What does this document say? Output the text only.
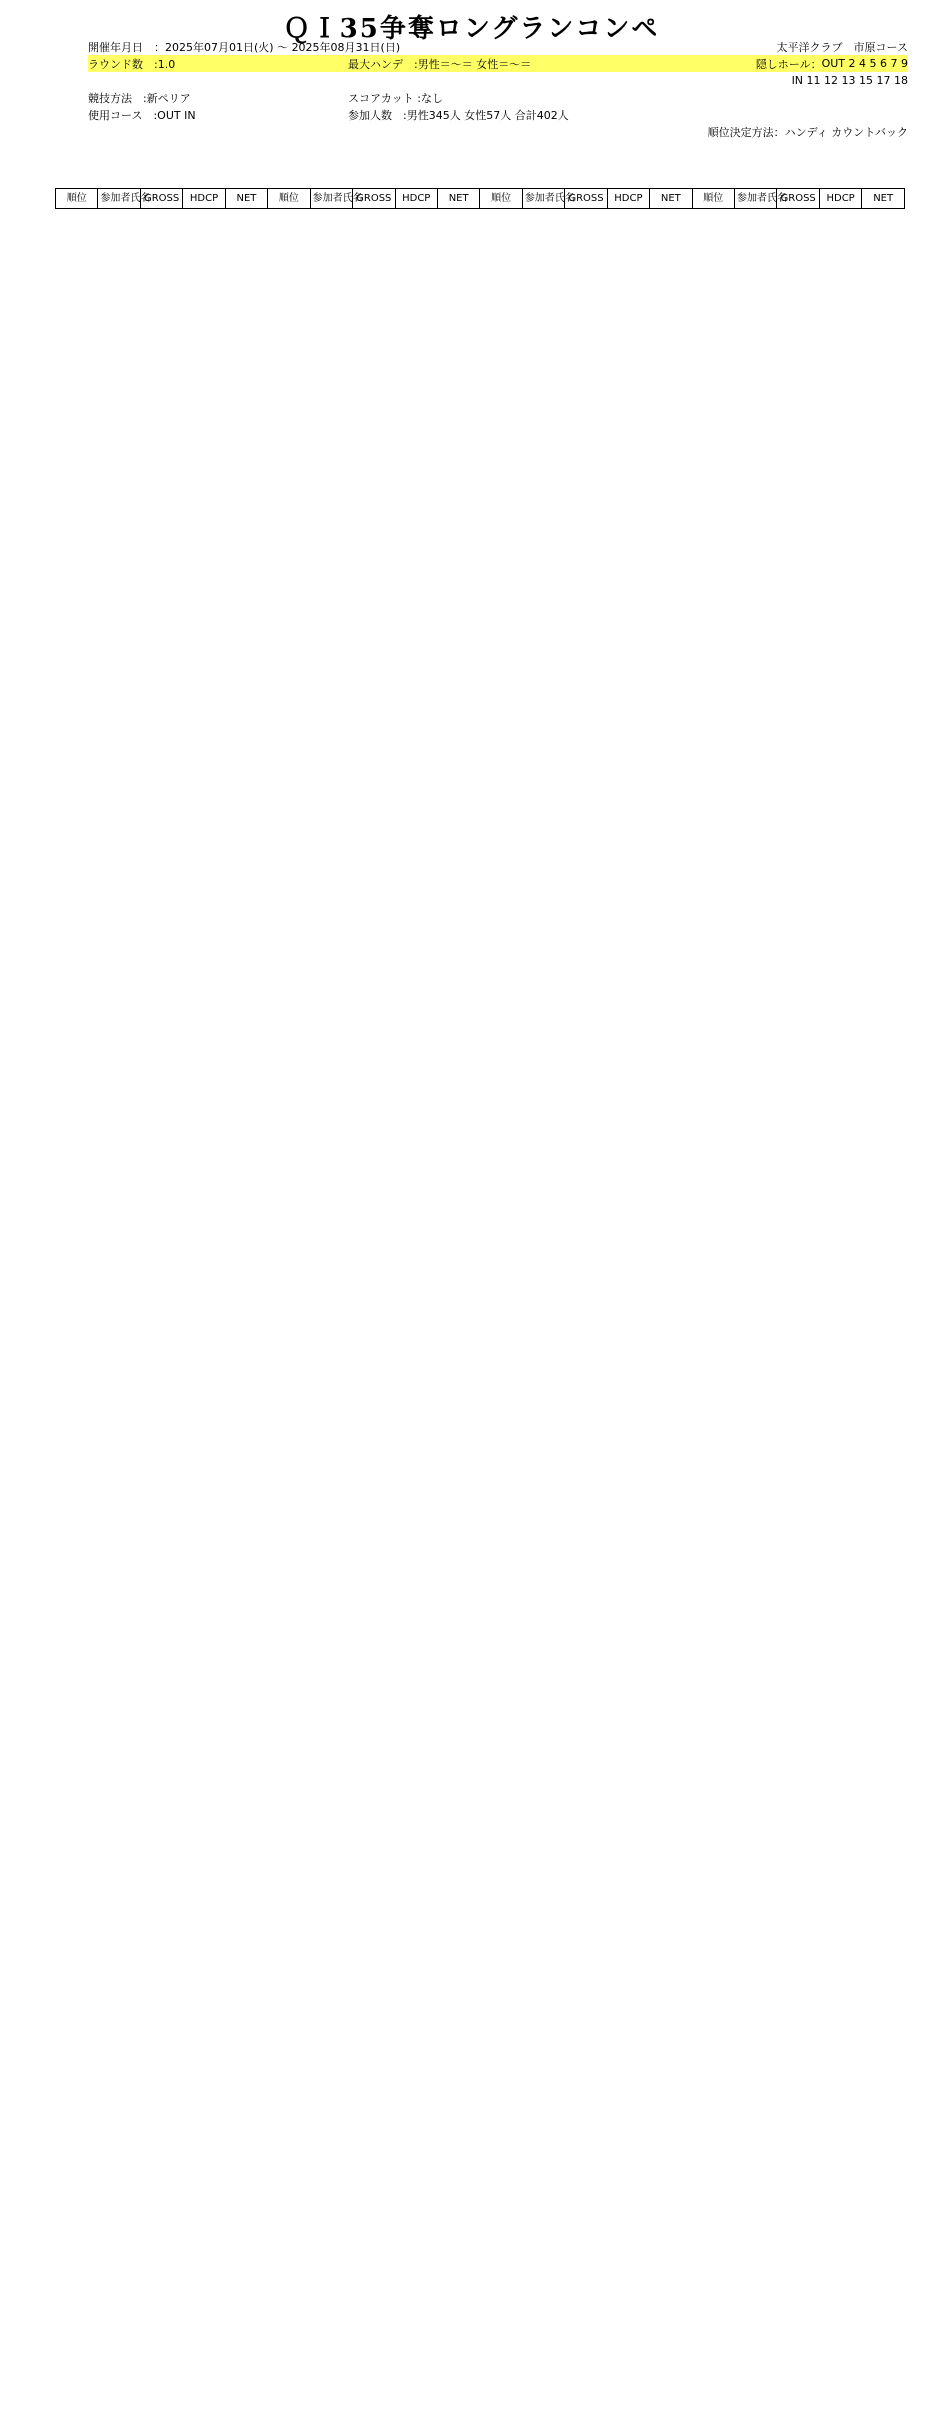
ＱＩ35争奪ロングランコンペ
開催年月日　：2025年07月01日(火) ～ 2025年08月31日(日)	太平洋クラブ　市原コース
ラウンド数　:1.0	最大ハンデ　:男性＝～＝ 女性＝～＝	隠しホール： OUT 2 4 5 6 7 9
IN 11 12 13 15 17 18
競技方法　:新ペリア	スコアカット :なし
使用コース　:OUT IN	参加人数　:男性345人 女性57人 合計402人
順位決定方法：ハンディ カウントバック
順位	参加者氏名	GROSS	HDCP	NET	順位	参加者氏名	GROSS	HDCP	NET	順位	参加者氏名	GROSS	HDCP	NET	順位	参加者氏名	GROSS	HDCP	NET
